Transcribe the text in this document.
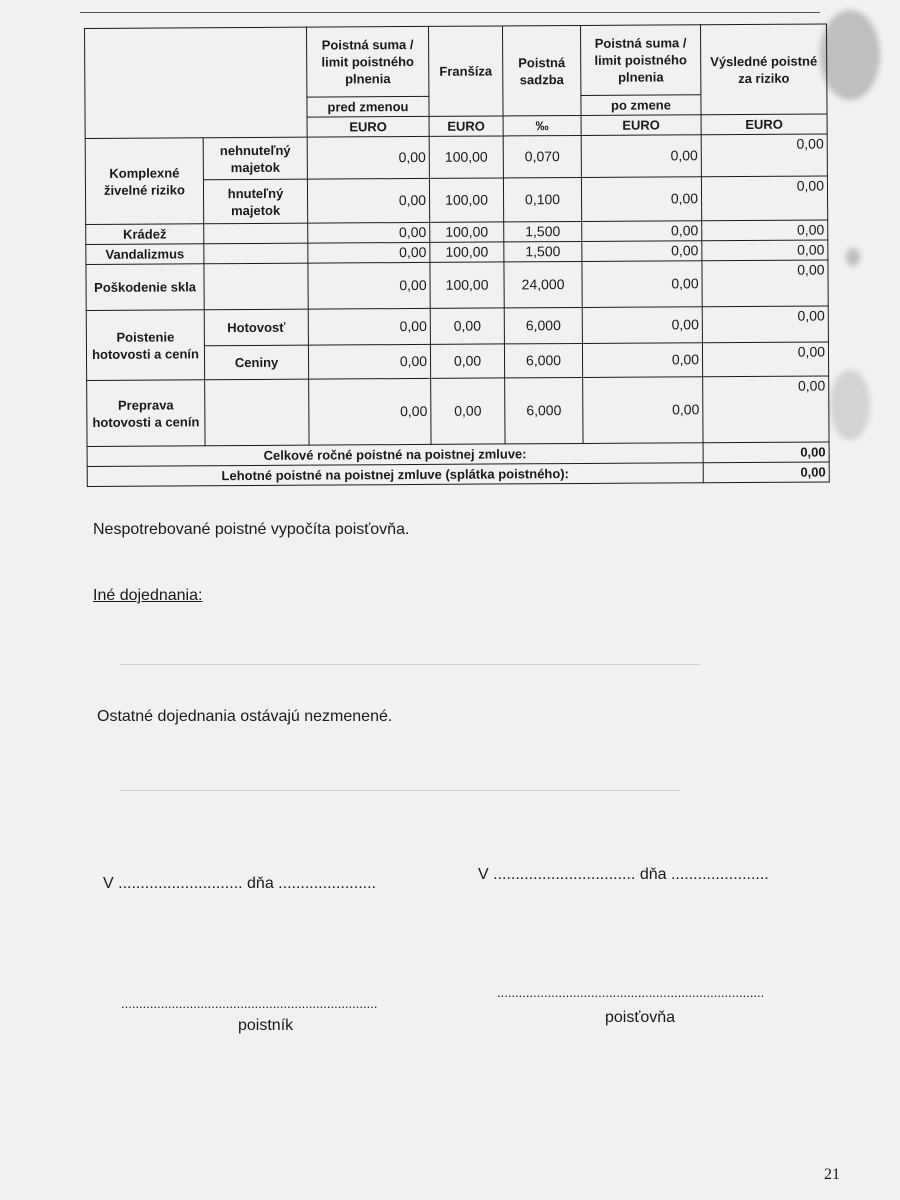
		Poistná suma / limit poistného plnenia	Franšíza	Poistná sadzba	Poistná suma / limit poistného plnenia	Výsledné poistné za riziko
		pred zmenou			po zmene	
		EURO	EURO	‰	EURO	EURO
Komplexné živelné riziko	nehnuteľný majetok	0,00	100,00	0,070	0,00	0,00
	hnuteľný majetok	0,00	100,00	0,100	0,00	0,00
Krádež		0,00	100,00	1,500	0,00	0,00
Vandalizmus		0,00	100,00	1,500	0,00	0,00
Poškodenie skla		0,00	100,00	24,000	0,00	0,00
Poistenie hotovosti a cenín	Hotovosť	0,00	0,00	6,000	0,00	0,00
	Ceniny	0,00	0,00	6,000	0,00	0,00
Preprava hotovosti a cenín		0,00	0,00	6,000	0,00	0,00
Celkové ročné poistné na poistnej zmluve:						0,00
Lehotné poistné na poistnej zmluve (splátka poistného):						0,00
Nespotrebované poistné vypočíta poisťovňa.
Iné dojednania:
Ostatné dojednania ostávajú nezmenené.
V ............................ dňa ......................
V ................................ dňa ......................
.......................................................................
..........................................................................
poistník	poisťovňa
21
